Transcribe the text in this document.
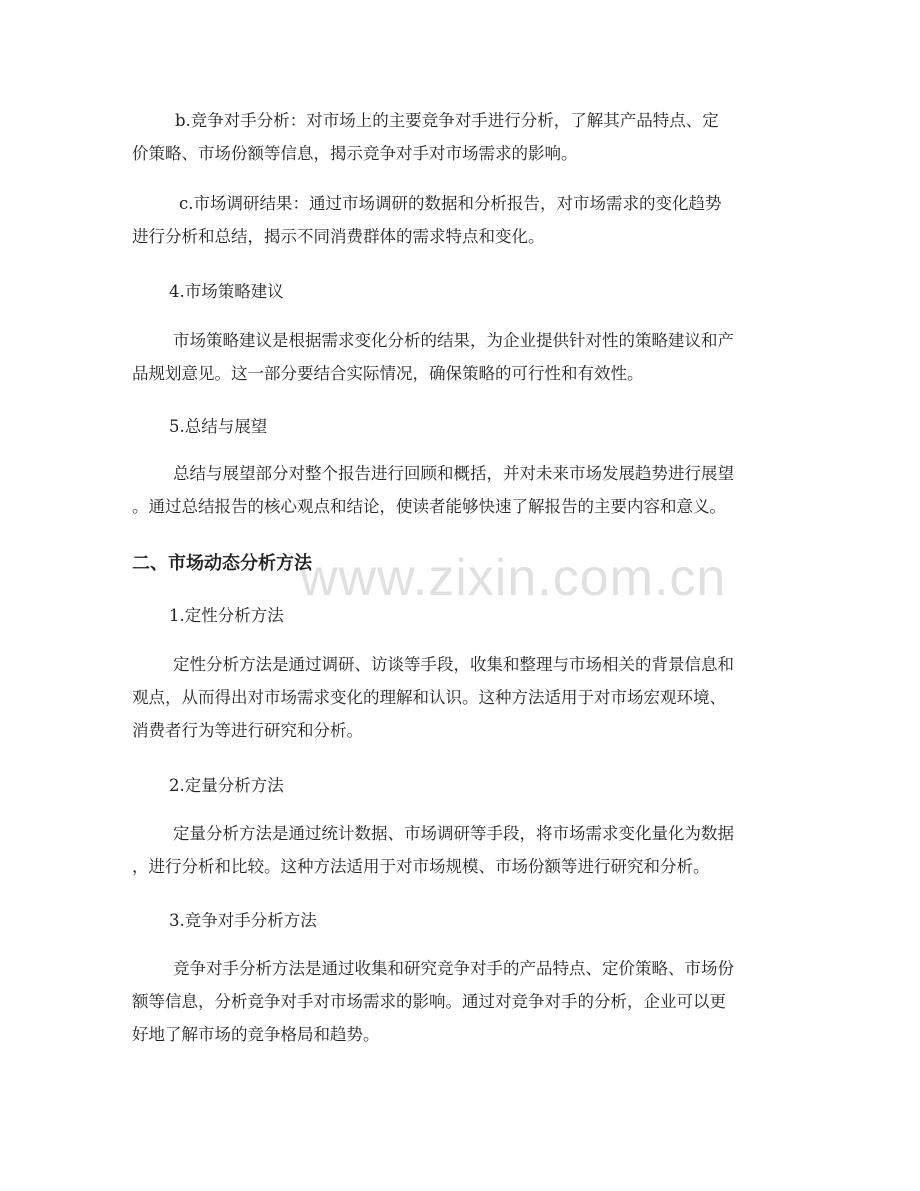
b.竞争对手分析：对市场上的主要竞争对手进行分析，了解其产品特点、定
价策略、市场份额等信息，揭示竞争对手对市场需求的影响。

c.市场调研结果：通过市场调研的数据和分析报告，对市场需求的变化趋势
进行分析和总结，揭示不同消费群体的需求特点和变化。

4.市场策略建议

市场策略建议是根据需求变化分析的结果，为企业提供针对性的策略建议和产
品规划意见。这一部分要结合实际情况，确保策略的可行性和有效性。

5.总结与展望

总结与展望部分对整个报告进行回顾和概括，并对未来市场发展趋势进行展望
。通过总结报告的核心观点和结论，使读者能够快速了解报告的主要内容和意义。

二、市场动态分析方法

1.定性分析方法

定性分析方法是通过调研、访谈等手段，收集和整理与市场相关的背景信息和
观点，从而得出对市场需求变化的理解和认识。这种方法适用于对市场宏观环境、
消费者行为等进行研究和分析。

2.定量分析方法

定量分析方法是通过统计数据、市场调研等手段，将市场需求变化量化为数据
，进行分析和比较。这种方法适用于对市场规模、市场份额等进行研究和分析。

3.竞争对手分析方法

竞争对手分析方法是通过收集和研究竞争对手的产品特点、定价策略、市场份
额等信息，分析竞争对手对市场需求的影响。通过对竞争对手的分析，企业可以更
好地了解市场的竞争格局和趋势。

www.zixin.com.cn
